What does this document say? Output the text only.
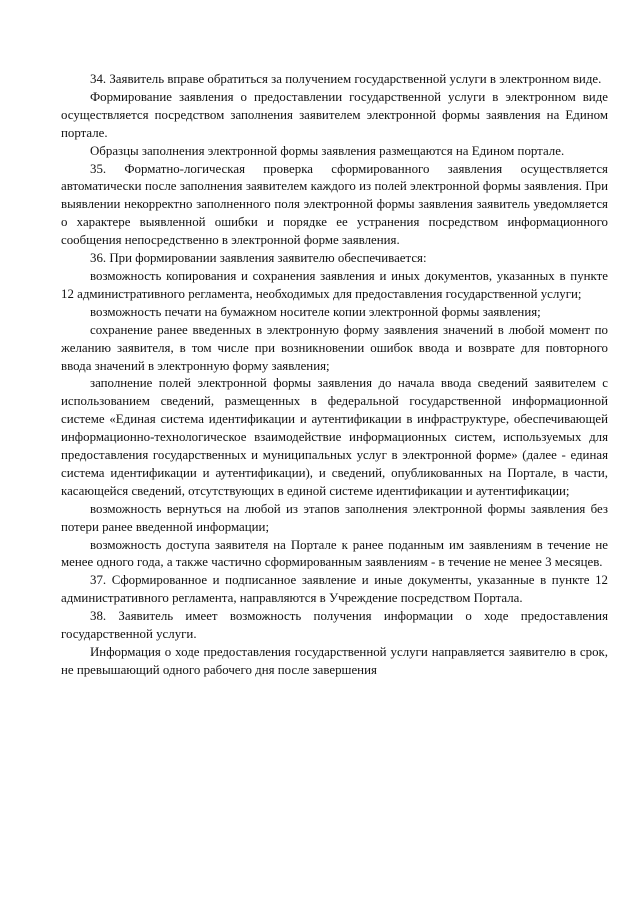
34. Заявитель вправе обратиться за получением государственной услуги в электронном виде.

Формирование заявления о предоставлении государственной услуги в электронном виде осуществляется посредством заполнения заявителем электронной формы заявления на Едином портале.

Образцы заполнения электронной формы заявления размещаются на Едином портале.

35. Форматно-логическая проверка сформированного заявления осуществляется автоматически после заполнения заявителем каждого из полей электронной формы заявления. При выявлении некорректно заполненного поля электронной формы заявления заявитель уведомляется о характере выявленной ошибки и порядке ее устранения посредством информационного сообщения непосредственно в электронной форме заявления.

36. При формировании заявления заявителю обеспечивается:

возможность копирования и сохранения заявления и иных документов, указанных в пункте 12 административного регламента, необходимых для предоставления государственной услуги;

возможность печати на бумажном носителе копии электронной формы заявления;

сохранение ранее введенных в электронную форму заявления значений в любой момент по желанию заявителя, в том числе при возникновении ошибок ввода и возврате для повторного ввода значений в электронную форму заявления;

заполнение полей электронной формы заявления до начала ввода сведений заявителем с использованием сведений, размещенных в федеральной государственной информационной системе «Единая система идентификации и аутентификации в инфраструктуре, обеспечивающей информационно-технологическое взаимодействие информационных систем, используемых для предоставления государственных и муниципальных услуг в электронной форме» (далее - единая система идентификации и аутентификации), и сведений, опубликованных на Портале, в части, касающейся сведений, отсутствующих в единой системе идентификации и аутентификации;

возможность вернуться на любой из этапов заполнения электронной формы заявления без потери ранее введенной информации;

возможность доступа заявителя на Портале к ранее поданным им заявлениям в течение не менее одного года, а также частично сформированным заявлениям - в течение не менее 3 месяцев.

37. Сформированное и подписанное заявление и иные документы, указанные в пункте 12 административного регламента, направляются в Учреждение посредством Портала.

38. Заявитель имеет возможность получения информации о ходе предоставления государственной услуги.

Информация о ходе предоставления государственной услуги направляется заявителю в срок, не превышающий одного рабочего дня после завершения
